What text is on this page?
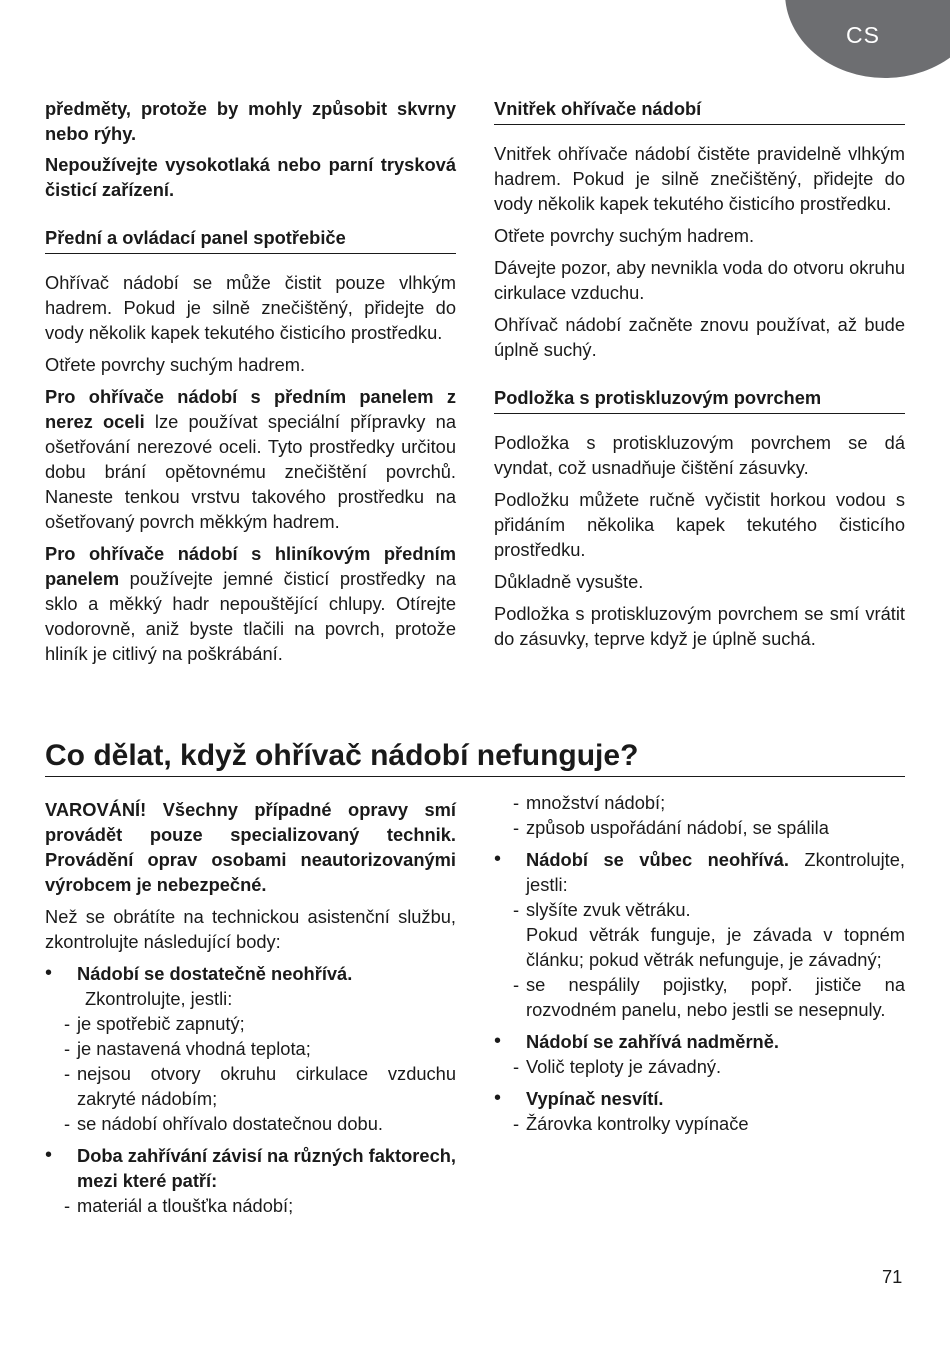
CS

předměty, protože by mohly způsobit skvrny nebo rýhy.

Nepoužívejte vysokotlaká nebo parní trysková čisticí zařízení.

Přední a ovládací panel spotřebiče

Ohřívač nádobí se může čistit pouze vlhkým hadrem. Pokud je silně znečištěný, přidejte do vody několik kapek tekutého čisticího prostředku.

Otřete povrchy suchým hadrem.

Pro ohřívače nádobí s předním panelem z nerez oceli lze používat speciální přípravky na ošetřování nerezové oceli. Tyto prostředky určitou dobu brání opětovnému znečištění povrchů. Naneste tenkou vrstvu takového prostředku na ošetřovaný povrch měkkým hadrem.

Pro ohřívače nádobí s hliníkovým předním panelem používejte jemné čisticí prostředky na sklo a měkký hadr nepouštějící chlupy. Otírejte vodorovně, aniž byste tlačili na povrch, protože hliník je citlivý na poškrábání.

Vnitřek ohřívače nádobí

Vnitřek ohřívače nádobí čistěte pravidelně vlhkým hadrem. Pokud je silně znečištěný, přidejte do vody několik kapek tekutého čisticího prostředku.

Otřete povrchy suchým hadrem.

Dávejte pozor, aby nevnikla voda do otvoru okruhu cirkulace vzduchu.

Ohřívač nádobí začněte znovu používat, až bude úplně suchý.

Podložka s protiskluzovým povrchem

Podložka s protiskluzovým povrchem se dá vyndat, což usnadňuje čištění zásuvky.

Podložku můžete ručně vyčistit horkou vodou s přidáním několika kapek tekutého čisticího prostředku.

Důkladně vysušte.

Podložka s protiskluzovým povrchem se smí vrátit do zásuvky, teprve když je úplně suchá.

Co dělat, když ohřívač nádobí nefunguje?

VAROVÁNÍ! Všechny případné opravy smí provádět pouze specializovaný technik. Provádění oprav osobami neautorizovanými výrobcem je nebezpečné.

Než se obrátíte na technickou asistenční službu, zkontrolujte následující body:

•	Nádobí se dostatečně neohřívá.
Zkontrolujte, jestli:
- je spotřebič zapnutý;
- je nastavená vhodná teplota;
- nejsou otvory okruhu cirkulace vzduchu zakryté nádobím;
- se nádobí ohřívalo dostatečnou dobu.
•	Doba zahřívání závisí na různých faktorech, mezi které patří:
- materiál a tloušťka nádobí;
- množství nádobí;
- způsob uspořádání nádobí, se spálila
•	Nádobí se vůbec neohřívá. Zkontrolujte, jestli:
- slyšíte zvuk větráku.
Pokud větrák funguje, je závada v topném článku; pokud větrák nefunguje, je závadný;
- se nespálily pojistky, popř. jističe na rozvodném panelu, nebo jestli se nesepnuly.
•	Nádobí se zahřívá nadměrně.
- Volič teploty je závadný.
•	Vypínač nesvítí.
- Žárovka kontrolky vypínače
71
